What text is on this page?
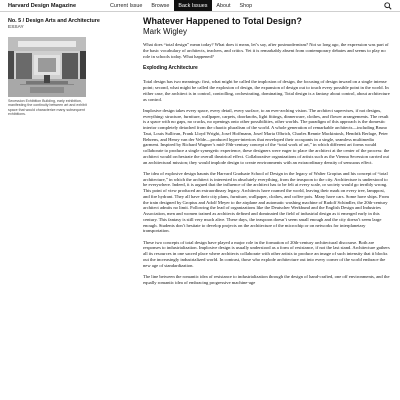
Harvard Design Magazine	Current Issue	Browse	Back Issues	About	Shop
No. 5 / Design Arts and Architecture
ESSAY
Secession Exhibition Building, early exhibition, manifesting the continuity between art and exhibit space that would characterize many subsequent exhibitions.
Whatever Happened to Total Design?
Mark Wigley

What does “total design” mean today? What does it mean, let’s say, after postmodernism? Not so long ago, the expression was part of the basic vocabulary of architects, teachers, and critics. Yet it is remarkably absent from contemporary debates and seems to play no role in schools today. What happened?

Exploding Architecture

Total design has two meanings: first, what might be called the implosion of design, the focusing of design inward on a single intense point; second, what might be called the explosion of design, the expansion of design out to touch every possible point in the world. In either case, the architect is in control, controlling, orchestrating, dominating. Total design is a fantasy about control, about architecture as control.

Implosive design takes every space, every detail, every surface, to an ever-arching vision. The architect supervises, if not designs, everything: structure, furniture, wallpaper, carpets, doorknobs, light fittings, dinnerware, clothes, and flower arrangements. The result is a space with no gaps, no cracks, no openings onto other possibilities, other worlds. The paradigm of this approach is the domestic interior completely detached from the chaotic pluralism of the world. A whole generation of remarkable architects—including Bruno Taut, Louis Sullivan, Frank Lloyd Wright, Josef Hoffmann, Josef Maria Olbrich, Charles Rennie Mackintosh, Hendrik Berlage, Peter Behrens, and Henry van der Velde—produced hyper-interiors that enveloped their occupants in a single, seamless multimedia garment. Inspired by Richard Wagner’s mid-19th-century concept of the “total work of art,” in which different art forms would collaborate to produce a single synergetic experience, these designers were eager to place the architect at the center of the process: the architect would orchestrate the overall theatrical effect. Collaborative organizations of artists such as the Vienna Secession carried out an architectural mission; they would implode design to create environments with an extraordinary density of sensuous effect.

The idea of explosive design haunts the Harvard Graduate School of Design in the legacy of Walter Gropius and his concept of “total architecture,” in which the architect is interested in absolutely everything, from the teaspoon to the city. Architecture is understood to be everywhere. Indeed, it is argued that the influence of the architect has to be felt at every scale, or society would go terribly wrong. This point of view produced an extraordinary legacy. Architects have roamed the world, leaving their mark on every tree, lamppost, and fire hydrant. They all have their city plans, furniture, wallpaper, clothes, and coffee pots. Many have cars. Some have ships. From the train designed by Gropius and Adolf Meyer to the airplane and automatic washing machine of Rudolf Schindler, the 20th-century architect admits no limit. Following the lead of organizations like the Deutscher Werkbund and the English Design and Industries Association, men and women trained as architects defined and dominated the field of industrial design as it emerged early in this century. This fantasy is still very much alive. These days, the teaspoon doesn’t seem small enough and the city doesn’t seem large enough. Students don’t hesitate to develop projects on the architecture of the microchip or on networks for interplanetary transportation.

These two concepts of total design have played a major role in the formation of 20th-century architectural discourse. Both are responses to industrialization. Implosive design is usually understood as a form of resistance, if not the last stand. Architecture gathers all its resources in one sacred place where architects collaborate with other artists to produce an image of such intensity that it blocks out the increasingly industrialized world. In contrast, those who explode architecture out into every corner of the world embrace the new age of standardization.

The line between the romantic idea of resistance to industrialization through the design of hand-crafted, one off environments, and the equally romantic idea of embracing progressive machine-age
